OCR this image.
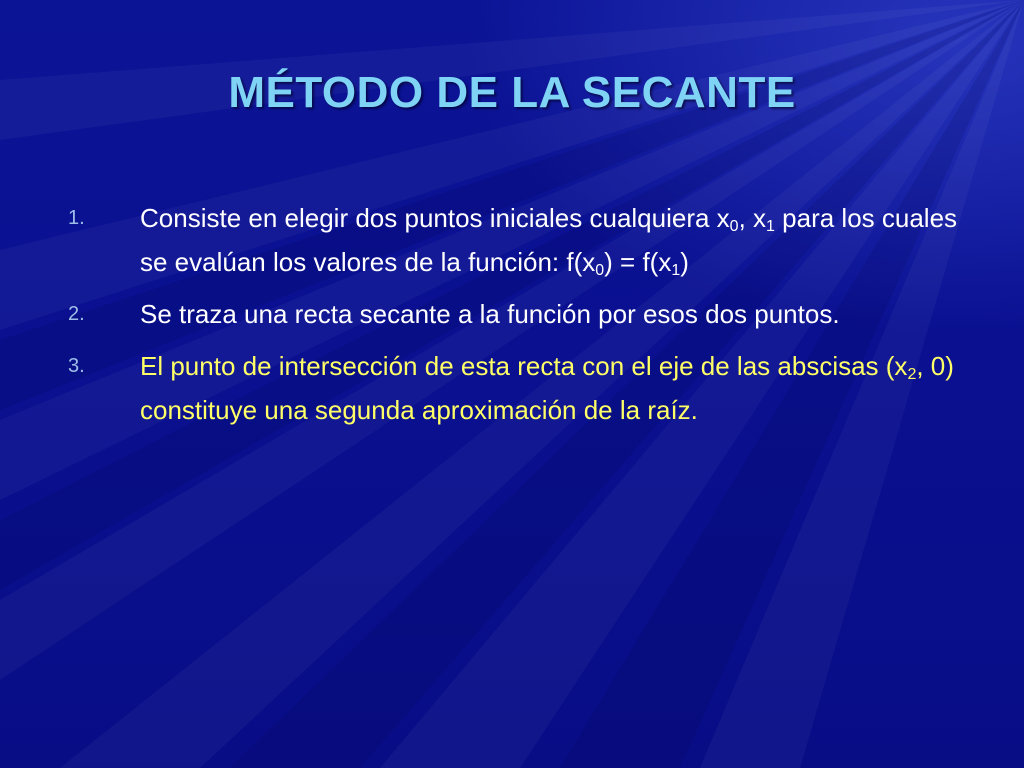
MÉTODO DE LA SECANTE
1. Consiste en elegir dos puntos iniciales cualquiera $x_0$, $x_1$ para los cuales se evalúan los valores de la función: $f(x_0) = f(x_1)$
2. Se traza una recta secante a la función por esos dos puntos.
3. El punto de intersección de esta recta con el eje de las abscisas ($x_2$, 0) constituye una segunda aproximación de la raíz.
